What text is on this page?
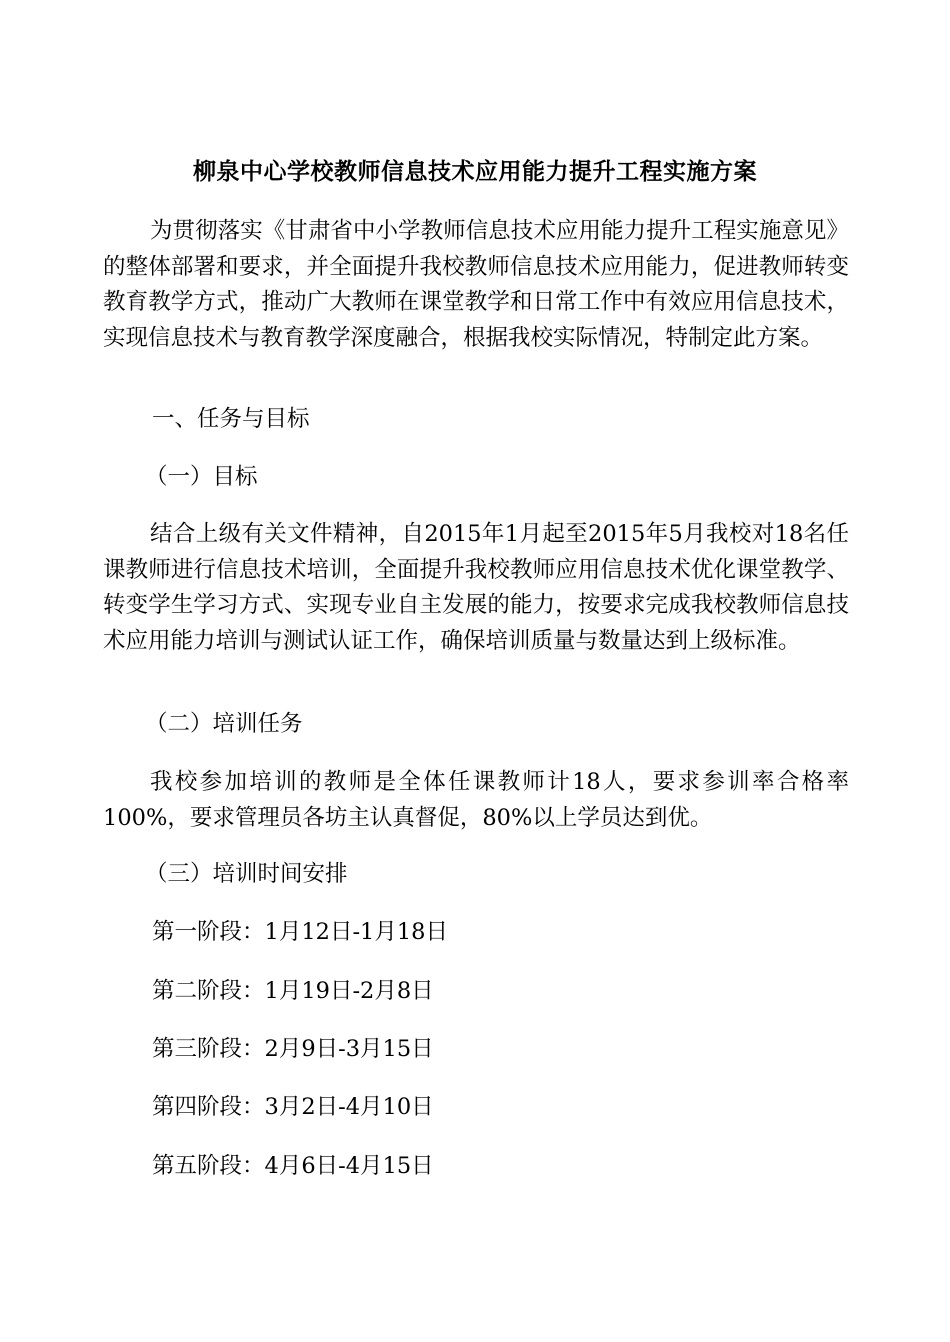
柳泉中心学校教师信息技术应用能力提升工程实施方案

为贯彻落实《甘肃省中小学教师信息技术应用能力提升工程实施意见》的整体部署和要求，并全面提升我校教师信息技术应用能力，促进教师转变教育教学方式，推动广大教师在课堂教学和日常工作中有效应用信息技术，实现信息技术与教育教学深度融合，根据我校实际情况，特制定此方案。

一、任务与目标

（一）目标

结合上级有关文件精神，自2015年1月起至2015年5月我校对18名任课教师进行信息技术培训，全面提升我校教师应用信息技术优化课堂教学、转变学生学习方式、实现专业自主发展的能力，按要求完成我校教师信息技术应用能力培训与测试认证工作，确保培训质量与数量达到上级标准。

（二）培训任务

我校参加培训的教师是全体任课教师计18人，要求参训率合格率100%，要求管理员各坊主认真督促，80%以上学员达到优。

（三）培训时间安排

第一阶段：1月12日-1月18日

第二阶段：1月19日-2月8日

第三阶段：2月9日-3月15日

第四阶段：3月2日-4月10日

第五阶段：4月6日-4月15日
